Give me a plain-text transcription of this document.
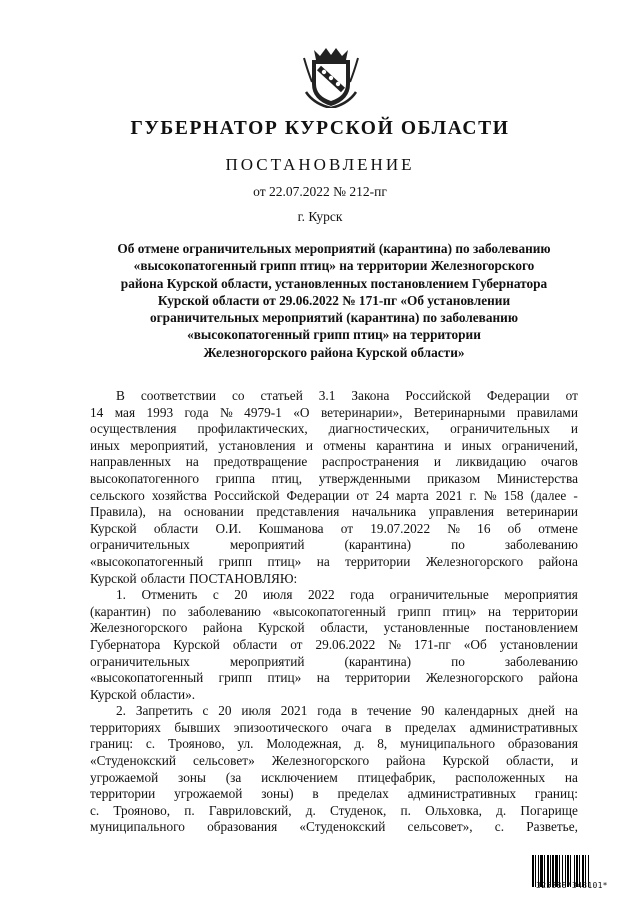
ГУБЕРНАТОР КУРСКОЙ ОБЛАСТИ
ПОСТАНОВЛЕНИЕ
от 22.07.2022 № 212-пг
г. Курск
Об отмене ограничительных мероприятий (карантина) по заболеванию
«высокопатогенный грипп птиц» на территории Железногорского
района Курской области, установленных постановлением Губернатора
Курской области от 29.06.2022 № 171-пг «Об установлении
ограничительных мероприятий (карантина) по заболеванию
«высокопатогенный грипп птиц» на территории
Железногорского района Курской области»
В соответствии со статьей 3.1 Закона Российской Федерации от
14 мая 1993 года № 4979-1 «О ветеринарии», Ветеринарными правилами
осуществления профилактических, диагностических, ограничительных и
иных мероприятий, установления и отмены карантина и иных ограничений,
направленных на предотвращение распространения и ликвидацию очагов
высокопатогенного гриппа птиц, утвержденными приказом Министерства
сельского хозяйства Российской Федерации от 24 марта 2021 г. № 158 (далее -
Правила), на основании представления начальника управления ветеринарии
Курской области О.И. Кошманова от 19.07.2022 № 16 об отмене
ограничительных	мероприятий	(карантина)	по	заболеванию
«высокопатогенный грипп птиц» на территории Железногорского района
Курской области ПОСТАНОВЛЯЮ:
1. Отменить с 20 июля 2022 года ограничительные мероприятия
(карантин) по заболеванию «высокопатогенный грипп птиц» на территории
Железногорского района Курской области, установленные постановлением
Губернатора Курской области от 29.06.2022 № 171-пг «Об установлении
ограничительных	мероприятий	(карантина)	по	заболеванию
«высокопатогенный грипп птиц» на территории Железногорского района
Курской области».
2. Запретить с 20 июля 2021 года в течение 90 календарных дней на
территориях бывших эпизоотического очага в пределах административных
границ: с. Трояново, ул. Молодежная, д. 8, муниципального образования
«Студенокский сельсовет» Железногорского района Курской области, и
угрожаемой зоны (за исключением птицефабрик, расположенных на
территории угрожаемой зоны) в пределах административных границ:
с. Трояново, п. Гавриловский, д. Студенок, п. Ольховка, д. Погарище
муниципального образования «Студенокский сельсовет», с. Разветье,
325888*343101*
